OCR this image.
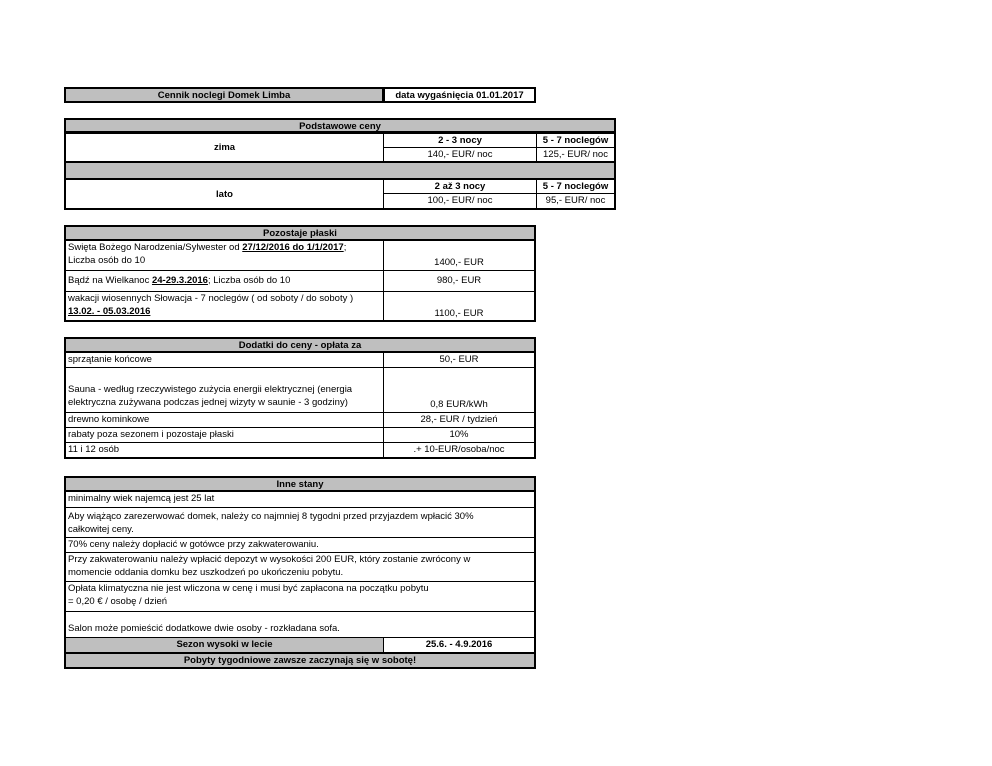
Cennik noclegi Domek Limba	data wygaśnięcia 01.01.2017
Podstawowe ceny
zima
2 - 3 nocy	5 - 7 noclegów
140,- EUR/ noc	125,- EUR/ noc
lato
2 až 3 nocy	5 - 7 noclegów
100,- EUR/ noc	95,- EUR/ noc
Pozostaje płaski
Swięta Bożego Narodzenia/Sylwester od 27/12/2016 do 1/1/2017;
Liczba osób do 10	1400,- EUR
Bądź na Wielkanoc 24-29.3.2016; Liczba osób do 10	980,- EUR
wakacji wiosennych Słowacja - 7 noclegów ( od soboty / do soboty )
13.02. - 05.03.2016	1100,- EUR
Dodatki do ceny - opłata za
sprzątanie końcowe	50,- EUR
Sauna - według rzeczywistego zużycia energii elektrycznej (energia
elektryczna zużywana podczas jednej wizyty w saunie - 3 godziny)	0,8 EUR/kWh
drewno kominkowe	28,- EUR / tydzień
rabaty poza sezonem i pozostaje płaski	10%
11 i 12 osób	.+ 10-EUR/osoba/noc
Inne stany
minimalny wiek najemcą jest 25 lat
Aby wiążąco zarezerwować domek, należy co najmniej 8 tygodni przed przyjazdem wpłacić 30%
całkowitej ceny.
70% ceny należy dopłacić w gotówce przy zakwaterowaniu.
Przy zakwaterowaniu należy wpłacić depozyt w wysokości 200 EUR, który zostanie zwrócony w
momencie oddania domku bez uszkodzeń po ukończeniu pobytu.
Opłata klimatyczna nie jest wliczona w cenę i musi być zapłacona na początku pobytu
= 0,20 € / osobę / dzień
Salon może pomieścić dodatkowe dwie osoby - rozkładana sofa.
Sezon wysoki w lecie	25.6. - 4.9.2016
Pobyty tygodniowe zawsze zaczynają się w sobotę!
